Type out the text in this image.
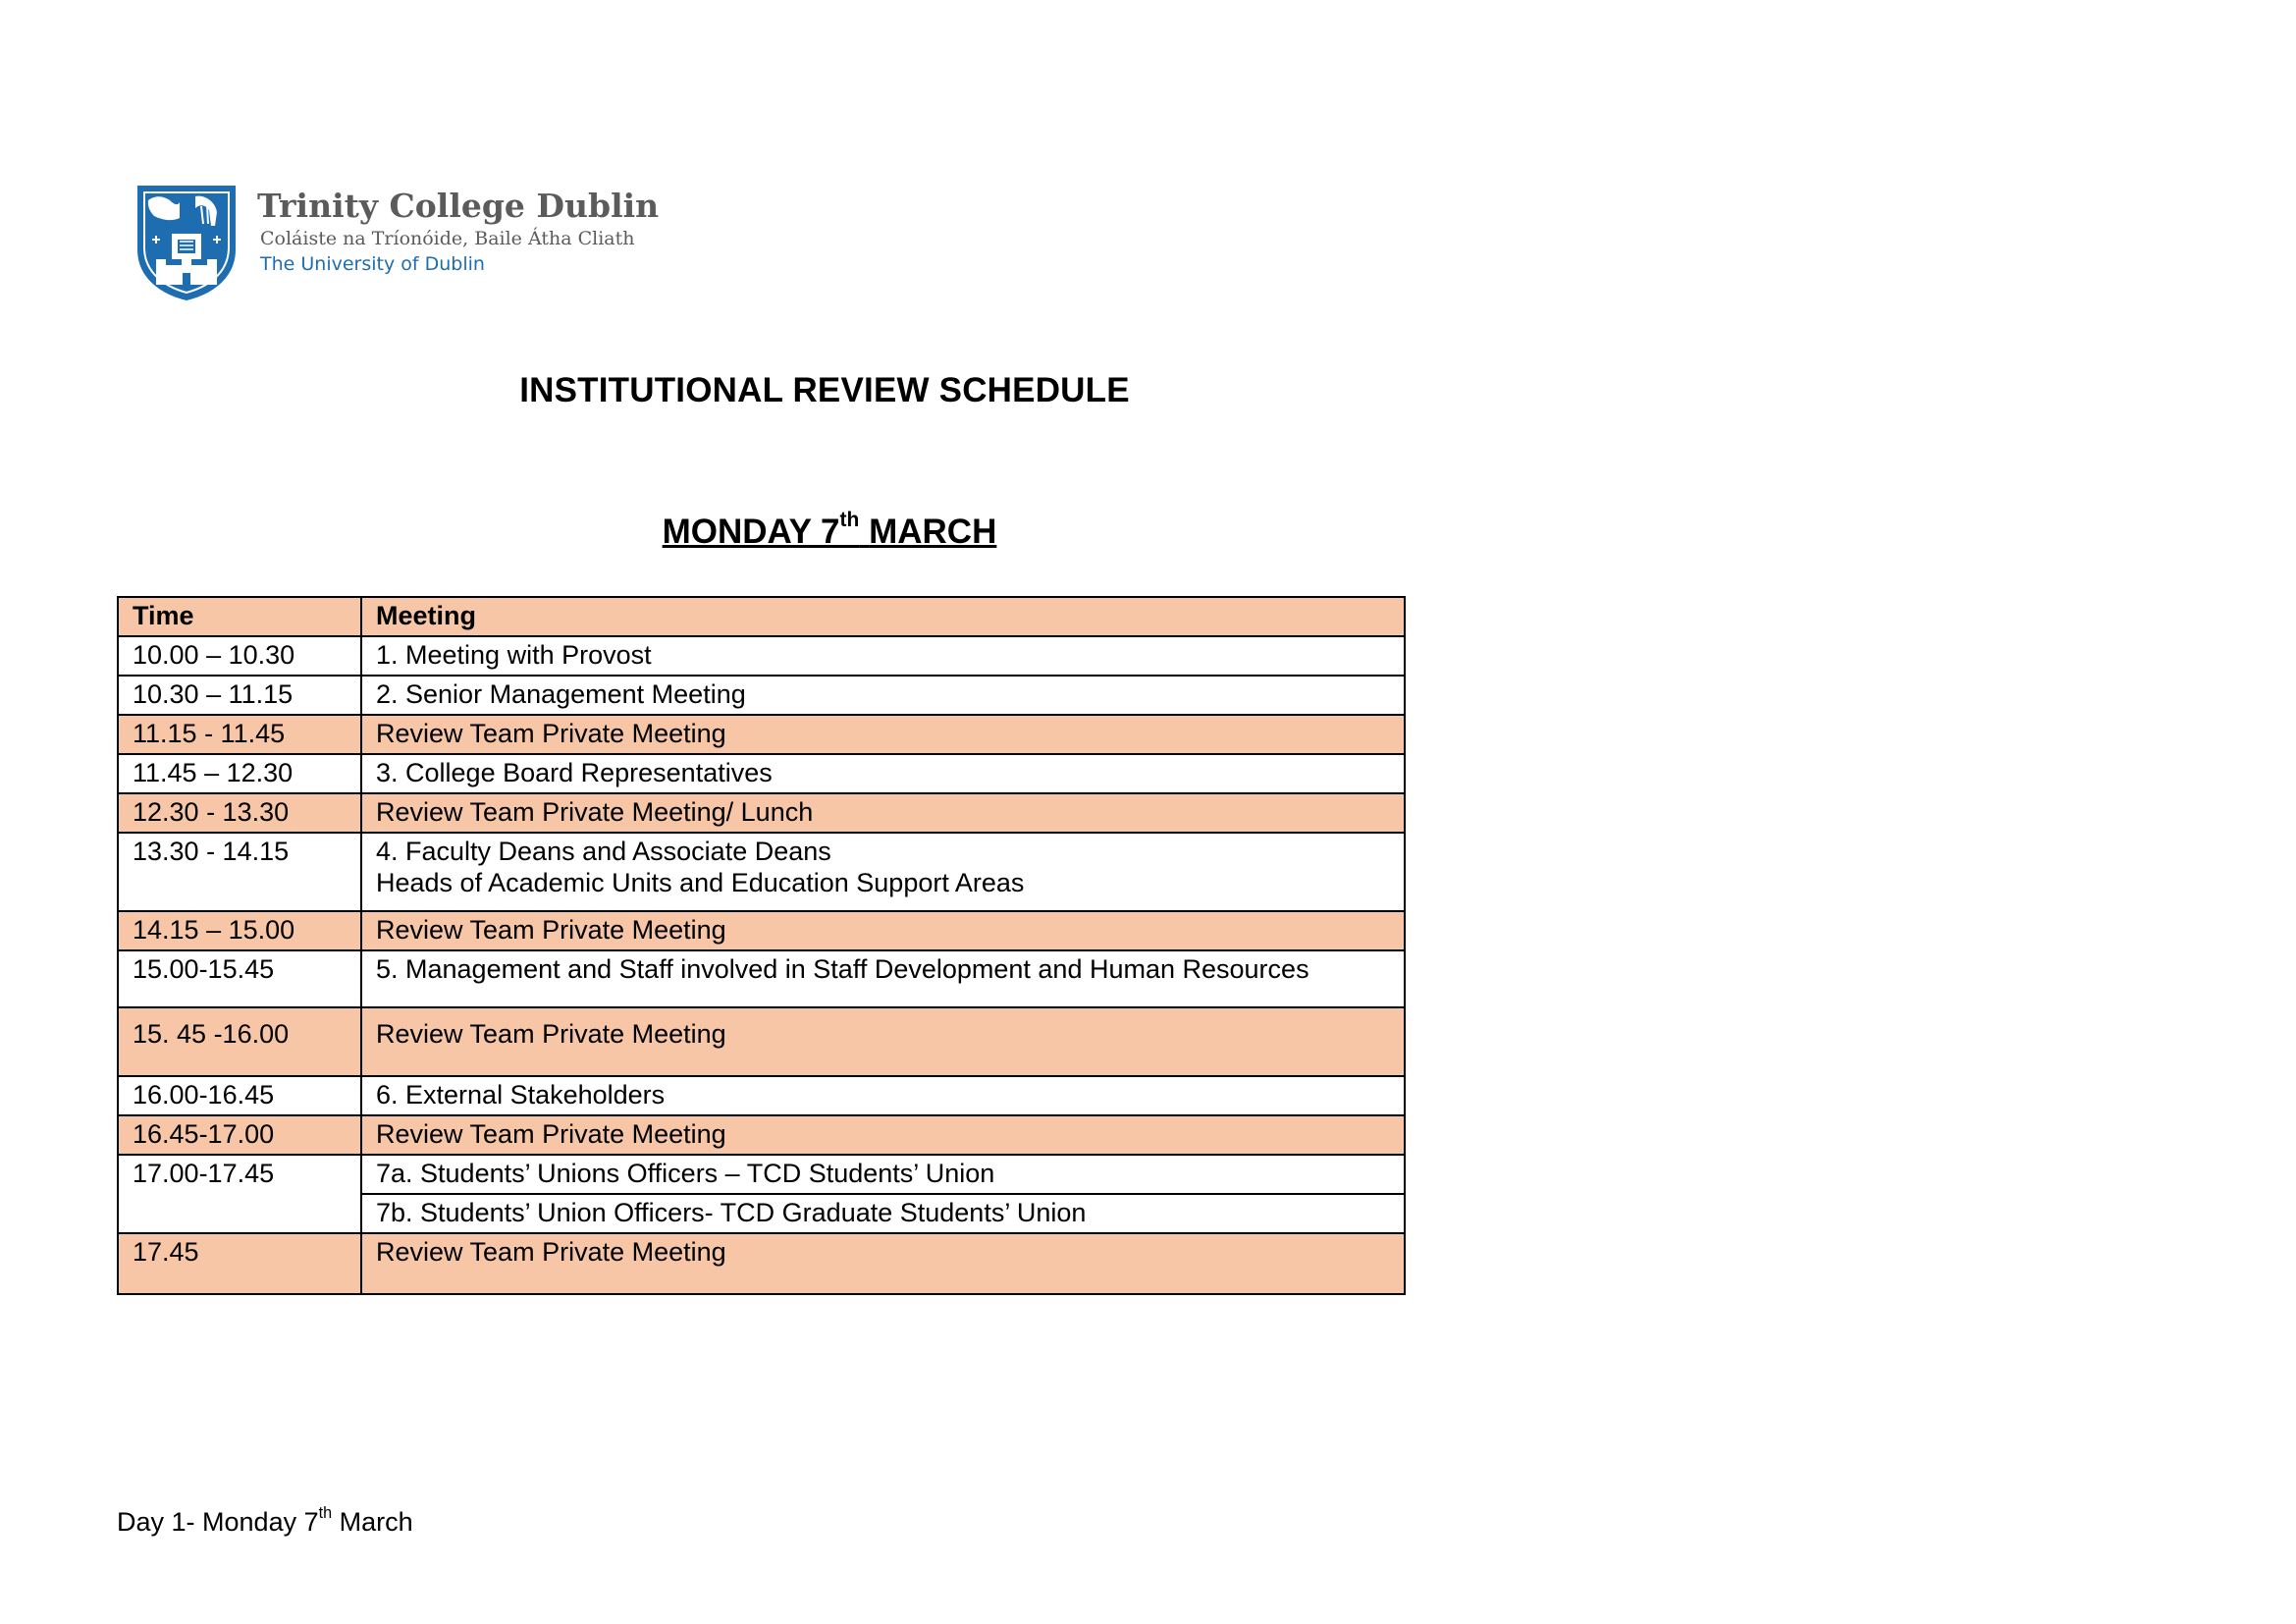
Trinity College Dublin
Coláiste na Tríonóide, Baile Átha Cliath
The University of Dublin
INSTITUTIONAL REVIEW SCHEDULE
MONDAY 7th MARCH
Time	Meeting
10.00 – 10.30	1. Meeting with Provost
10.30 – 11.15	2. Senior Management Meeting
11.15 - 11.45	Review Team Private Meeting
11.45 – 12.30	3. College Board Representatives
12.30 - 13.30	Review Team Private Meeting/ Lunch
13.30 - 14.15	4. Faculty Deans and Associate Deans
Heads of Academic Units and Education Support Areas

14.15 – 15.00	Review Team Private Meeting
15.00-15.45	5. Management and Staff involved in Staff Development and Human Resources
15. 45 -16.00	Review Team Private Meeting
16.00-16.45	6. External Stakeholders
16.45-17.00	Review Team Private Meeting
17.00-17.45	7a. Students’ Unions Officers – TCD Students’ Union
	7b. Students’ Union Officers- TCD Graduate Students’ Union
17.45	Review Team Private Meeting
Day 1- Monday 7th March
